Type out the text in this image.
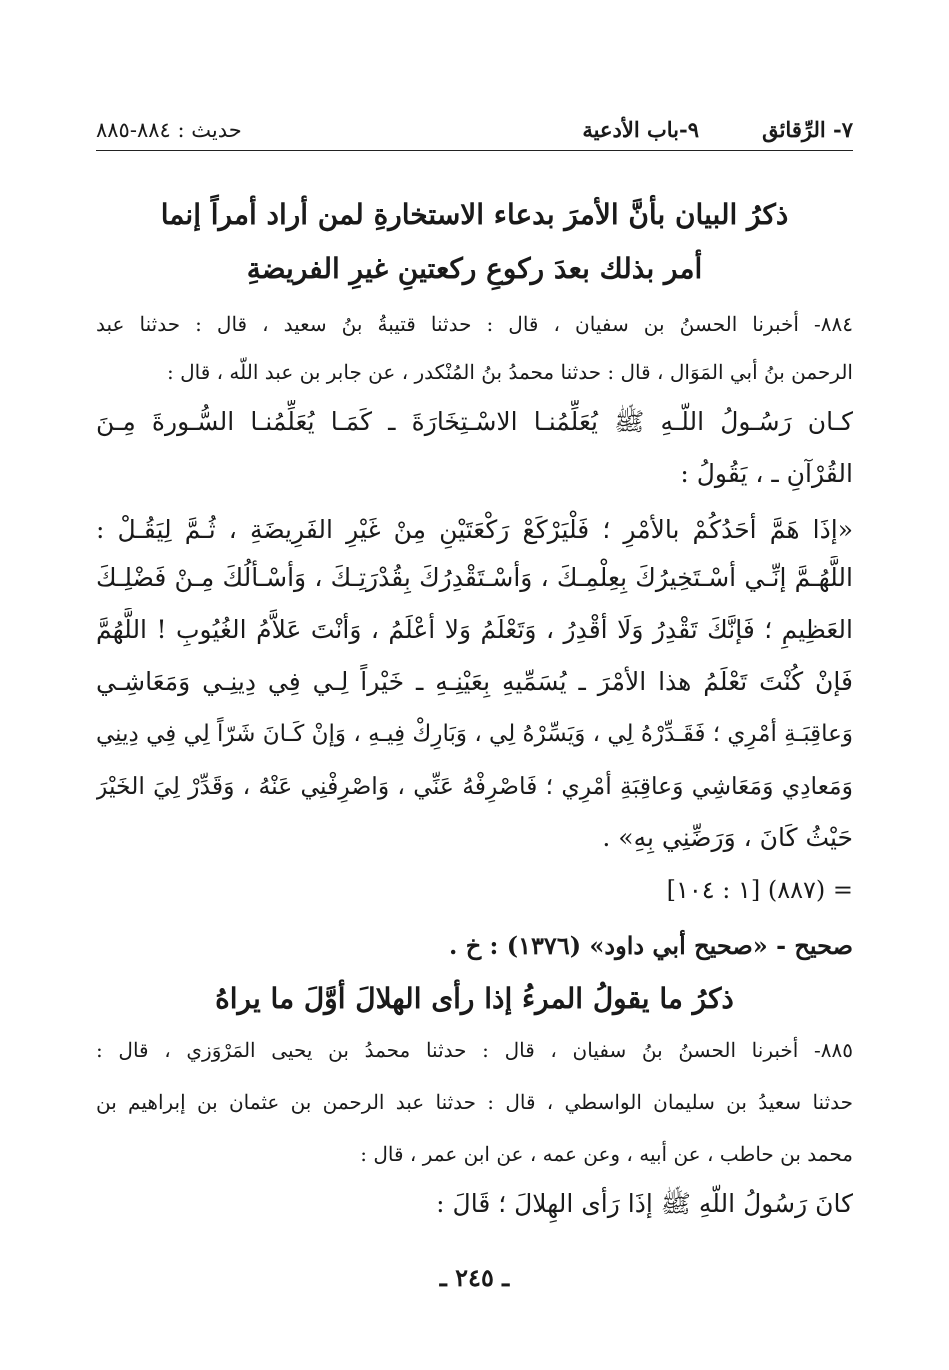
٧- الرِّقائق
٩-باب الأدعية
حديث : ٨٨٤-٨٨٥
ذكرُ البيان بأنَّ الأمرَ بدعاء الاستخارةِ لمن أراد أمراً إنما
أمر بذلك بعدَ ركوعِ ركعتينِ غيرِ الفريضةِ
٨٨٤- أخبرنا الحسنُ بن سفيان ، قال : حدثنا قتيبةُ بنُ سعيد ، قال : حدثنا عبد
الرحمن بنُ أبي المَوَال ، قال : حدثنا محمدُ بنُ المُنْكدر ، عن جابر بن عبد اللّه ، قال :
كـان رَسُـولُ اللّـهِ ﷺ يُعَلِّمُنـا الاسْـتِخَارَةَ ـ كَمَـا يُعَلِّمُنـا السُّـورةَ مِـنَ
القُرْآنِ ـ ، يَقُولُ :
«إذَا هَمَّ أحَدُكُمْ بالأمْرِ ؛ فَلْيَرْكَعْ رَكْعَتَيْنِ مِنْ غَيْرِ الفَرِيضَةِ ، ثُـمَّ لِيَقُـلْ :
اللَّهُـمَّ إنِّـي أسْـتَخِيرُكَ بِعِلْمِـكَ ، وَأسْـتَقْدِرُكَ بِقُدْرَتِـكَ ، وَأسْـألُكَ مِـنْ فَضْلِـكَ
العَظِيمِ ؛ فَإنَّكَ تَقْدِرُ وَلَا أقْدِرُ ، وَتَعْلَمُ وَلا أعْلَمُ ، وَأنْتَ عَلاَّمُ الغُيُوبِ ! اللَّهُمَّ
فَإنْ كُنْتَ تَعْلَمُ هذا الأمْرَ ـ يُسَمِّيهِ بِعَيْنِـهِ ـ خَيْراً لِـي فِي دِينِـي وَمَعَاشِـي
وَعاقِبَـةِ أمْرِي ؛ فَقَـدِّرْهُ لِي ، وَيَسِّرْهُ لِي ، وَبَارِكْ فِيـهِ ، وَإنْ كَـانَ شَرّاً لِي فِي دِينِي
وَمَعادِي وَمَعَاشِي وَعاقِبَةِ أمْرِي ؛ فَاصْرِفْهُ عَنِّي ، وَاصْرِفْنِي عَنْهُ ، وَقَدِّرْ لِيَ الخَيْرَ
حَيْثُ كَانَ ، وَرَضِّنِي بِهِ» .
= (٨٨٧) [١ : ١٠٤]
صحيح - «صحيح أبي داود» (١٣٧٦) : خ .
ذكرُ ما يقولُ المرءُ إذا رأى الهلالَ أوَّلَ ما يراهُ
٨٨٥- أخبرنا الحسنُ بنُ سفيان ، قال : حدثنا محمدُ بن يحيى المَرْوَزي ، قال :
حدثنا سعيدُ بن سليمان الواسطي ، قال : حدثنا عبد الرحمن بن عثمان بن إبراهيم بن
محمد بن حاطب ، عن أبيه ، وعن عمه ، عن ابن عمر ، قال :
كانَ رَسُولُ اللّهِ ﷺ إذَا رَأى الهِلالَ ؛ قَالَ :
ـ ٢٤٥ ـ
